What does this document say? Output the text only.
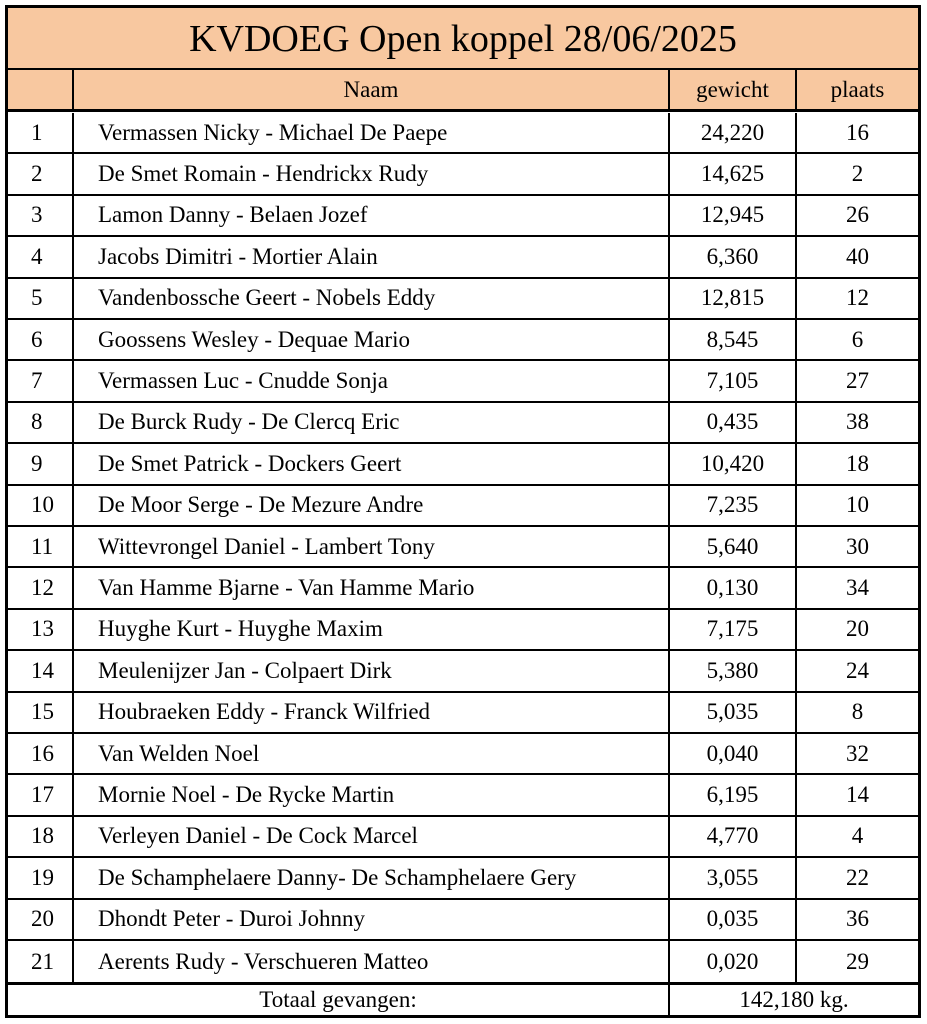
KVDOEG Open koppel 28/06/2025
Naam	gewicht	plaats
1	Vermassen Nicky - Michael De Paepe	24,220	16
2	De Smet Romain - Hendrickx Rudy	14,625	2
3	Lamon Danny - Belaen Jozef	12,945	26
4	Jacobs Dimitri - Mortier Alain	6,360	40
5	Vandenbossche Geert - Nobels Eddy	12,815	12
6	Goossens Wesley - Dequae Mario	8,545	6
7	Vermassen Luc - Cnudde Sonja	7,105	27
8	De Burck Rudy - De Clercq Eric	0,435	38
9	De Smet Patrick - Dockers Geert	10,420	18
10	De Moor Serge - De Mezure Andre	7,235	10
11	Wittevrongel Daniel - Lambert Tony	5,640	30
12	Van Hamme Bjarne - Van Hamme Mario	0,130	34
13	Huyghe Kurt - Huyghe Maxim	7,175	20
14	Meulenijzer Jan - Colpaert Dirk	5,380	24
15	Houbraeken Eddy - Franck Wilfried	5,035	8
16	Van Welden Noel	0,040	32
17	Mornie Noel - De Rycke Martin	6,195	14
18	Verleyen Daniel - De Cock Marcel	4,770	4
19	De Schamphelaere Danny- De Schamphelaere Gery	3,055	22
20	Dhondt Peter - Duroi Johnny	0,035	36
21	Aerents Rudy - Verschueren Matteo	0,020	29
Totaal gevangen:	142,180 kg.
